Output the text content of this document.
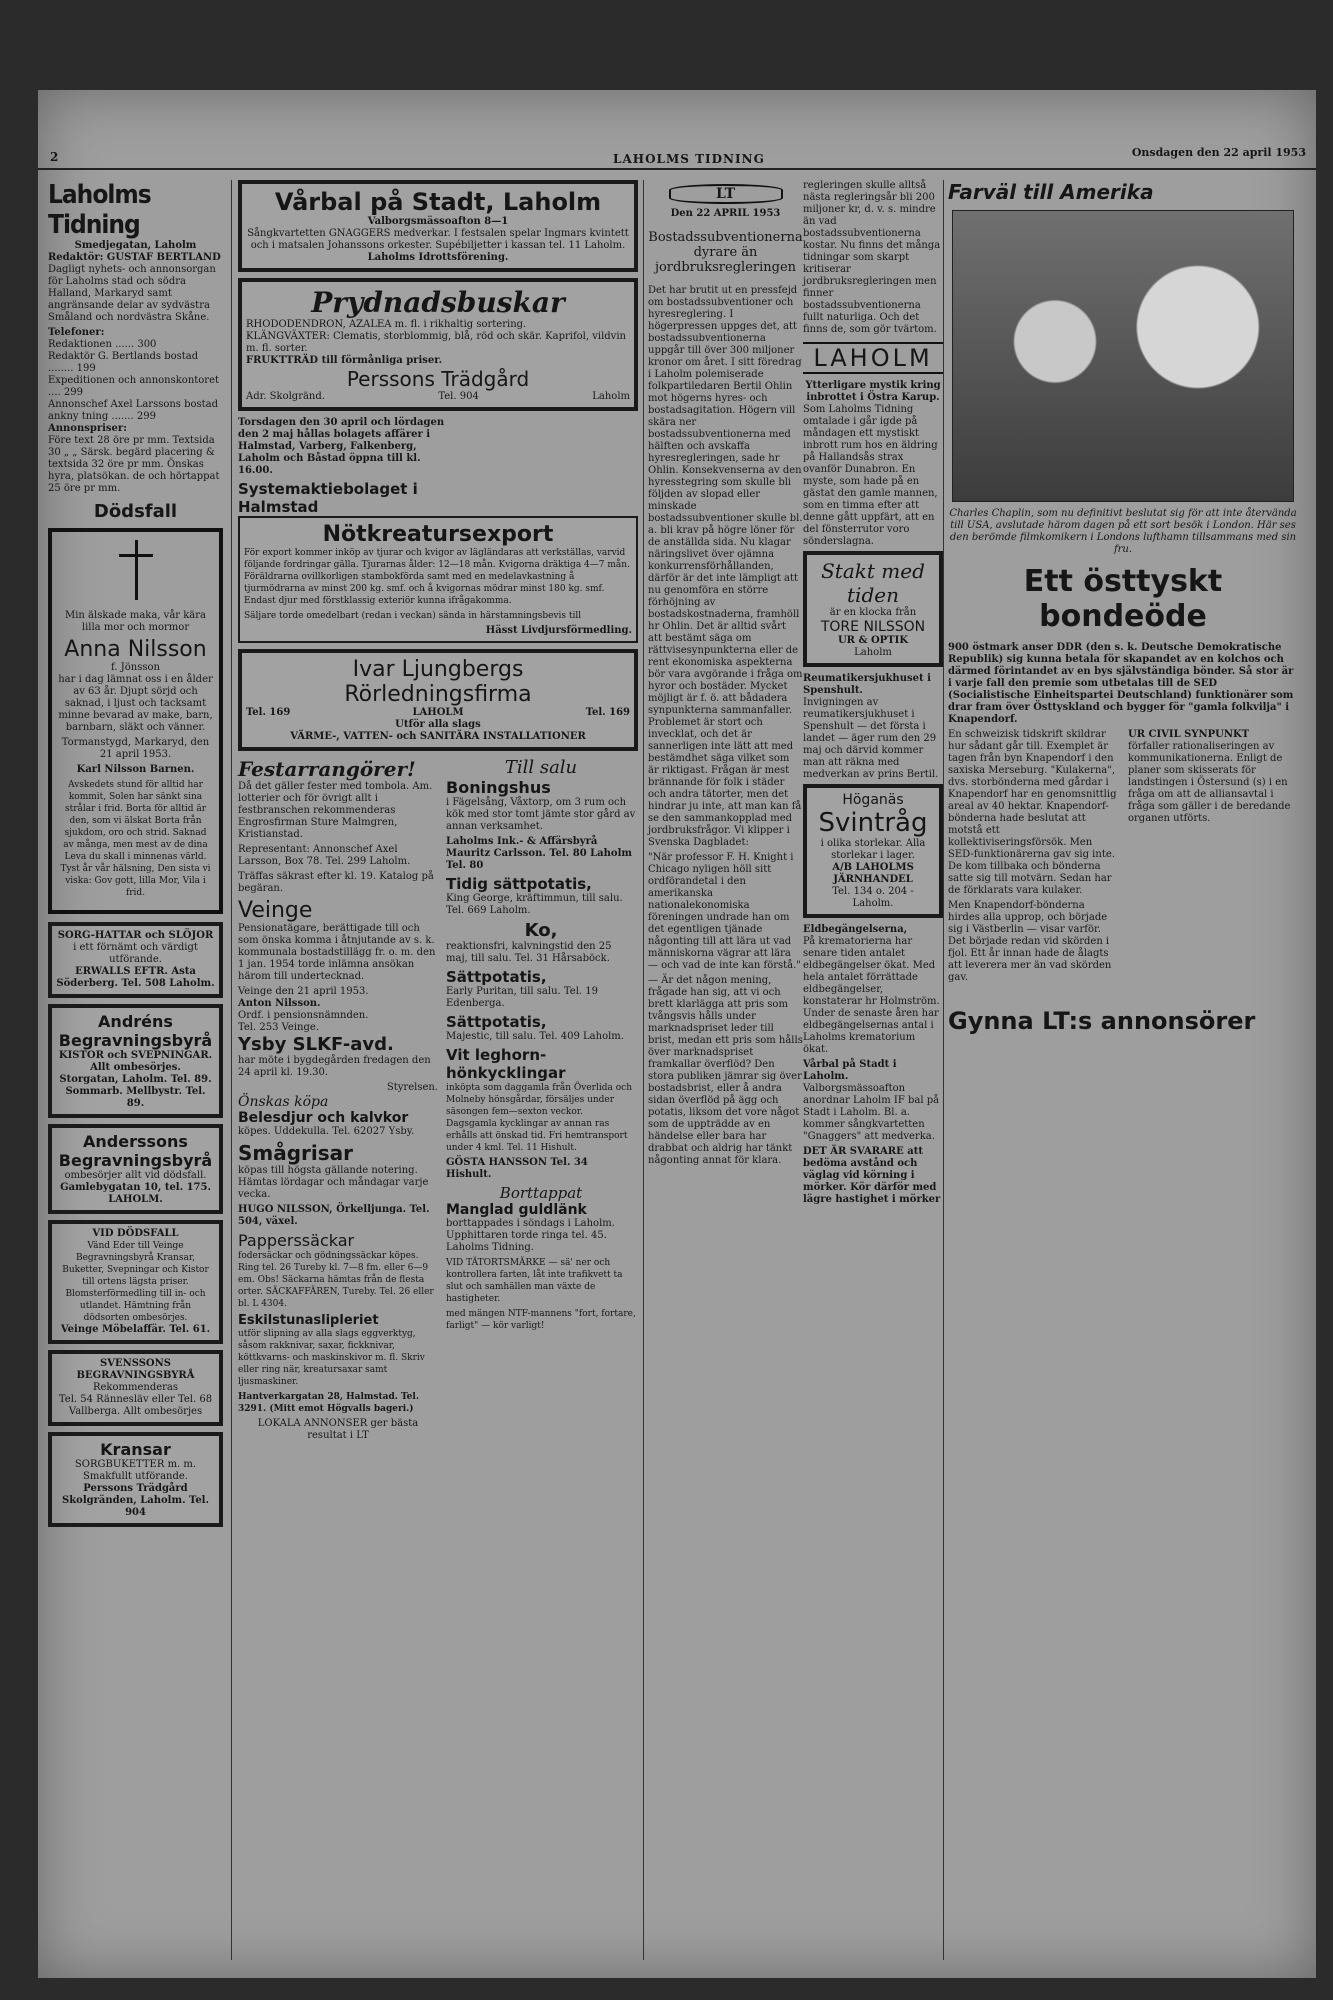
2	LAHOLMS TIDNING	Onsdagen den 22 april 1953
Laholms Tidning
Smedjegatan, Laholm
Redaktör: GUSTAF BERTLAND

Dagligt nyhets- och annonsorgan för Laholms stad och södra Halland, Markaryd samt angränsande delar av sydvästra Småland och nordvästra Skåne.

Telefoner:
Redaktionen ...... 300
Redaktör G. Bertlands bostad ........ 199
Expeditionen och annonskontoret .... 299
Annonschef Axel Larssons bostad ankny tning ....... 299
Annonspriser:

Före text 28 öre pr mm. Textsida 30 „ „ Särsk. begärd placering & textsida 32 öre pr mm. Önskas hyra, platsökan. de och hörtappat 25 öre pr mm.

Dödsfall

Min älskade maka, vår kära lilla mor och mormor

Anna Nilsson
f. Jönsson

har i dag lämnat oss i en ålder av 63 år. Djupt sörjd och saknad, i ljust och tacksamt minne bevarad av make, barn, barnbarn, släkt och vänner.

Tormanstygd, Markaryd, den 21 april 1953.

Karl Nilsson Barnen.

Avskedets stund för alltid har kommit, Solen har sänkt sina strålar i frid. Borta för alltid är den, som vi älskat Borta från sjukdom, oro och strid. Saknad av många, men mest av de dina Leva du skall i minnenas värld. Tyst år vår hälsning, Den sista vi viska: Gov gott, lilla Mor, Vila i frid.

SORG-HATTAR och SLÖJOR
i ett förnämt och värdigt utförande.
ERWALLS EFTR. Asta Söderberg. Tel. 508 Laholm.
Andréns Begravningsbyrå
KISTOR och SVEPNINGAR. Allt ombesörjes.
Storgatan, Laholm. Tel. 89. Sommarb. Mellbystr. Tel. 89.
Anderssons Begravningsbyrå
ombesörjer allt vid dödsfall.
Gamlebygatan 10, tel. 175. LAHOLM.
VID DÖDSFALL
Vänd Eder till Veinge Begravningsbyrå Kransar, Buketter, Svepningar och Kistor till ortens lägsta priser. Blomsterförmedling till in- och utlandet. Hämtning från dödsorten ombesörjes.
Veinge Möbelaffär. Tel. 61.
SVENSSONS BEGRAVNINGSBYRÅ
Rekommenderas
Tel. 54 Rännesläv eller Tel. 68 Vallberga. Allt ombesörjes
Kransar
SORGBUKETTER m. m. Smakfullt utförande.
Perssons Trädgård Skolgränden, Laholm. Tel. 904
Vårbal på Stadt, Laholm
Valborgsmässoafton 8—1
Sångkvartetten GNAGGERS medverkar. I festsalen spelar Ingmars kvintett och i matsalen Johanssons orkester. Supébiljetter i kassan tel. 11 Laholm.
Laholms Idrottsförening.
Prydnadsbuskar
RHODODENDRON, AZALEA m. fl. i rikhaltig sortering.
KLÄNGVÄXTER: Clematis, storblommig, blå, röd och skär. Kaprifol, vildvin m. fl. sorter.
FRUKTTRÄD till förmånliga priser.
Perssons Trädgård
Adr. Skolgränd.	Tel. 904	Laholm

Torsdagen den 30 april och lördagen den 2 maj hållas bolagets affärer i Halmstad, Varberg, Falkenberg, Laholm och Båstad öppna till kl. 16.00.

Systemaktiebolaget i Halmstad
Nötkreatursexport

För export kommer inköp av tjurar och kvigor av lägländaras att verkställas, varvid följande fordringar gälla. Tjurarnas ålder: 12—18 mån. Kvigorna dräktiga 4—7 mån. Föräldrarna ovillkorligen stambokförda samt med en medelavkastning å tjurmödrarna av minst 200 kg. smf. och å kvigornas mödrar minst 180 kg. smf. Endast djur med förstklassig exteriör kunna ifrågakomma.

Säljare torde omedelbart (redan i veckan) sända in härstamningsbevis till

Hässt Livdjursförmedling.
Ivar Ljungbergs
Rörledningsfirma
Tel. 169	LAHOLM	Tel. 169
Utför alla slags
VÄRME-, VATTEN- och SANITÄRA INSTALLATIONER
Festarrangörer!

Då det gäller fester med tombola. Am. lotterier och för övrigt allt i festbranschen rekommenderas Engrosfirman Sture Malmgren, Kristianstad.

Representant: Annonschef Axel Larsson, Box 78. Tel. 299 Laholm.

Träffas säkrast efter kl. 19. Katalog på begäran.

Veinge

Pensionatägare, berättigade till och som önska komma i åtnjutande av s. k. kommunala bostadstillägg fr. o. m. den 1 jan. 1954 torde inlämna ansökan härom till undertecknad.

Veinge den 21 april 1953.
Anton Nilsson.
Ordf. i pensionsnämnden.
Tel. 253 Veinge.
Ysby SLKF-avd.

har möte i bygdegården fredagen den 24 april kl. 19.30.

Styrelsen.
Önskas köpa
Belesdjur och kalvkor

köpes. Uddekulla. Tel. 62027 Ysby.

Smågrisar

köpas till högsta gällande notering. Hämtas lördagar och måndagar varje vecka.

HUGO NILSSON, Örkelljunga. Tel. 504, växel.

Papperssäckar

fodersäckar och gödningssäckar köpes. Ring tel. 26 Tureby kl. 7—8 fm. eller 6—9 em. Obs! Säckarna hämtas från de flesta orter. SÄCKAFFÄREN, Tureby. Tel. 26 eller bl. L 4304.

Eskilstunaslipleriet

utför slipning av alla slags eggverktyg, såsom rakknivar, saxar, fickknivar, köttkvarns- och maskinskivor m. fl. Skriv eller ring när, kreatursaxar samt ljusmaskiner.

Hantverkargatan 28, Halmstad. Tel. 3291. (Mitt emot Högvalls bageri.)

LOKALA ANNONSER ger bästa resultat i LT
Till salu
Boningshus

i Fägelsång, Våxtorp, om 3 rum och kök med stor tomt jämte stor gård av annan verksamhet.

Laholms Ink.- & Affärsbyrå Mauritz Carlsson. Tel. 80 Laholm Tel. 80

Tidig sättpotatis,

King George, kräftimmun, till salu. Tel. 669 Laholm.

Ko,

reaktionsfri, kalvningstid den 25 maj, till salu. Tel. 31 Hårsaböck.

Sättpotatis,

Early Puritan, till salu. Tel. 19 Edenberga.

Sättpotatis,

Majestic, till salu. Tel. 409 Laholm.

Vit leghorn-hönkycklingar

inköpta som daggamla från Överlida och Molneby hönsgårdar, försäljes under säsongen fem—sexton veckor. Dagsgamla kycklingar av annan ras erhålls att önskad tid. Fri hemtransport under 4 kml. Tel. 11 Hishult.

GÖSTA HANSSON Tel. 34 Hishult.

Borttappat
Manglad guldlänk

borttappades i söndags i Laholm. Upphittaren torde ringa tel. 45. Laholms Tidning.

VID TÄTORTSMÄRKE — sä' ner och kontrollera farten, låt inte trafikvett ta slut och samhällen man växte de hastigheter.

med mängen NTF-mannens "fort, fortare, farligt" — kör varligt!

LT
Den 22 APRIL 1953
Bostadssubventionerna dyrare än jordbruksregleringen

Det har brutit ut en pressfejd om bostadssubventioner och hyresreglering. I högerpressen uppges det, att bostadssubventionerna uppgår till över 300 miljoner kronor om året. I sitt föredrag i Laholm polemiserade folkpartiledaren Bertil Ohlin mot högerns hyres- och bostadsagitation. Högern vill skära ner bostadssubventionerna med hälften och avskaffa hyresregleringen, sade hr Ohlin. Konsekvenserna av den hyresstegring som skulle bli följden av slopad eller minskade bostadssubventioner skulle bl. a. bli krav på högre löner för de anställda sida. Nu klagar näringslivet över ojämna konkurrensförhållanden, därför är det inte lämpligt att nu genomföra en större förhöjning av bostadskostnaderna, framhöll hr Ohlin. Det är alltid svårt att bestämt säga om rättvisesynpunkterna eller de rent ekonomiska aspekterna bör vara avgörande i fråga om hyror och bostäder. Mycket möjligt är f. ö. att bådadera synpunkterna sammanfaller. Problemet är stort och invecklat, och det är sannerligen inte lätt att med bestämdhet säga vilket som är riktigast. Frågan är mest brännande för folk i städer och andra tätorter, men det hindrar ju inte, att man kan få se den sammankopplad med jordbruksfrågor. Vi klipper i Svenska Dagbladet:

"När professor F. H. Knight i Chicago nyligen höll sitt ordförandetal i den amerikanska nationalekonomiska föreningen undrade han om det egentligen tjänade någonting till att lära ut vad människorna vägrar att lära — och vad de inte kan förstå."

— Är det någon mening, frågade han sig, att vi och brett klarlägga att pris som tvångsvis hålls under marknadspriset leder till brist, medan ett pris som hålls över marknadspriset framkallar överflöd? Den stora publiken jämrar sig över bostadsbrist, eller å andra sidan överflöd på ägg och potatis, liksom det vore något som de uppträdde av en händelse eller bara har drabbat och aldrig har tänkt någonting annat för klara.

regleringen skulle alltså nästa regleringsår bli 200 miljoner kr, d. v. s. mindre än vad bostadssubventionerna kostar. Nu finns det många tidningar som skarpt kritiserar jordbruksregleringen men finner bostadssubventionerna fullt naturliga. Och det finns de, som gör tvärtom.

LAHOLM
Ytterligare mystik kring inbrottet i Östra Karup.

Som Laholms Tidning omtalade i går igde på måndagen ett mystiskt inbrott rum hos en äldring på Hallandsås strax ovanför Dunabron. En myste, som hade på en gästat den gamle mannen, som en timma efter att denne gått uppfärt, att en del fönsterrutor voro sönderslagna.

Stakt med tiden
är en klocka från
TORE NILSSON
UR & OPTIK
Laholm
Reumatikersjukhuset i Spenshult.

Invigningen av reumatikersjukhuset i Spenshult — det första i landet — äger rum den 29 maj och därvid kommer man att räkna med medverkan av prins Bertil.

Höganäs
Svintråg
i olika storlekar. Alla storlekar i lager.
A/B LAHOLMS JÄRNHANDEL
Tel. 134 o. 204 - Laholm.
Eldbegängelserna,

På krematorierna har senare tiden antalet eldbegängelser ökat. Med hela antalet förrättade eldbegängelser, konstaterar hr Holmström. Under de senaste åren har eldbegängelsernas antal i Laholms krematorium ökat.

Vårbal på Stadt i Laholm.

Valborgsmässoafton anordnar Laholm IF bal på Stadt i Laholm. Bl. a. kommer sångkvartetten "Gnaggers" att medverka.

DET ÄR SVARARE att bedöma avstånd och väglag vid körning i mörker. Kör därför med lägre hastighet i mörker

Farväl till Amerika

Charles Chaplin, som nu definitivt beslutat sig för att inte återvända till USA, avslutade härom dagen på ett sort besök i London. Här ses den berömde filmkomikern i Londons lufthamn tillsammans med sin fru.

Ett östtyskt bondeöde

900 östmark anser DDR (den s. k. Deutsche Demokratische Republik) sig kunna betala för skapandet av en kolchos och därmed förintandet av en bys självständiga bönder. Så stor är i varje fall den premie som utbetalas till de SED (Socialistische Einheitspartei Deutschland) funktionärer som drar fram över Östtyskland och bygger för "gamla folkvilja" i Knapendorf.

En schweizisk tidskrift skildrar hur sådant går till. Exemplet är tagen från byn Knapendorf i den saxiska Merseburg. "Kulakerna", dvs. storbönderna med gårdar i Knapendorf har en genomsnittlig areal av 40 hektar. Knapendorf-bönderna hade beslutat att motstå ett kollektiviseringsförsök. Men SED-funktionärerna gav sig inte. De kom tillbaka och bönderna satte sig till motvärn. Sedan har de förklarats vara kulaker.

Men Knapendorf-bönderna hirdes alla upprop, och började sig i Västberlin — visar varför. Det började redan vid skörden i fjol. Ett år innan hade de ålagts att leverera mer än vad skörden gav.

UR CIVIL SYNPUNKT

förfaller rationaliseringen av kommunikationerna. Enligt de planer som skisserats för landstingen i Östersund (s) i en fråga om att de alliansavtal i fråga som gäller i de beredande organen utförts.

Gynna LT:s annonsörer
